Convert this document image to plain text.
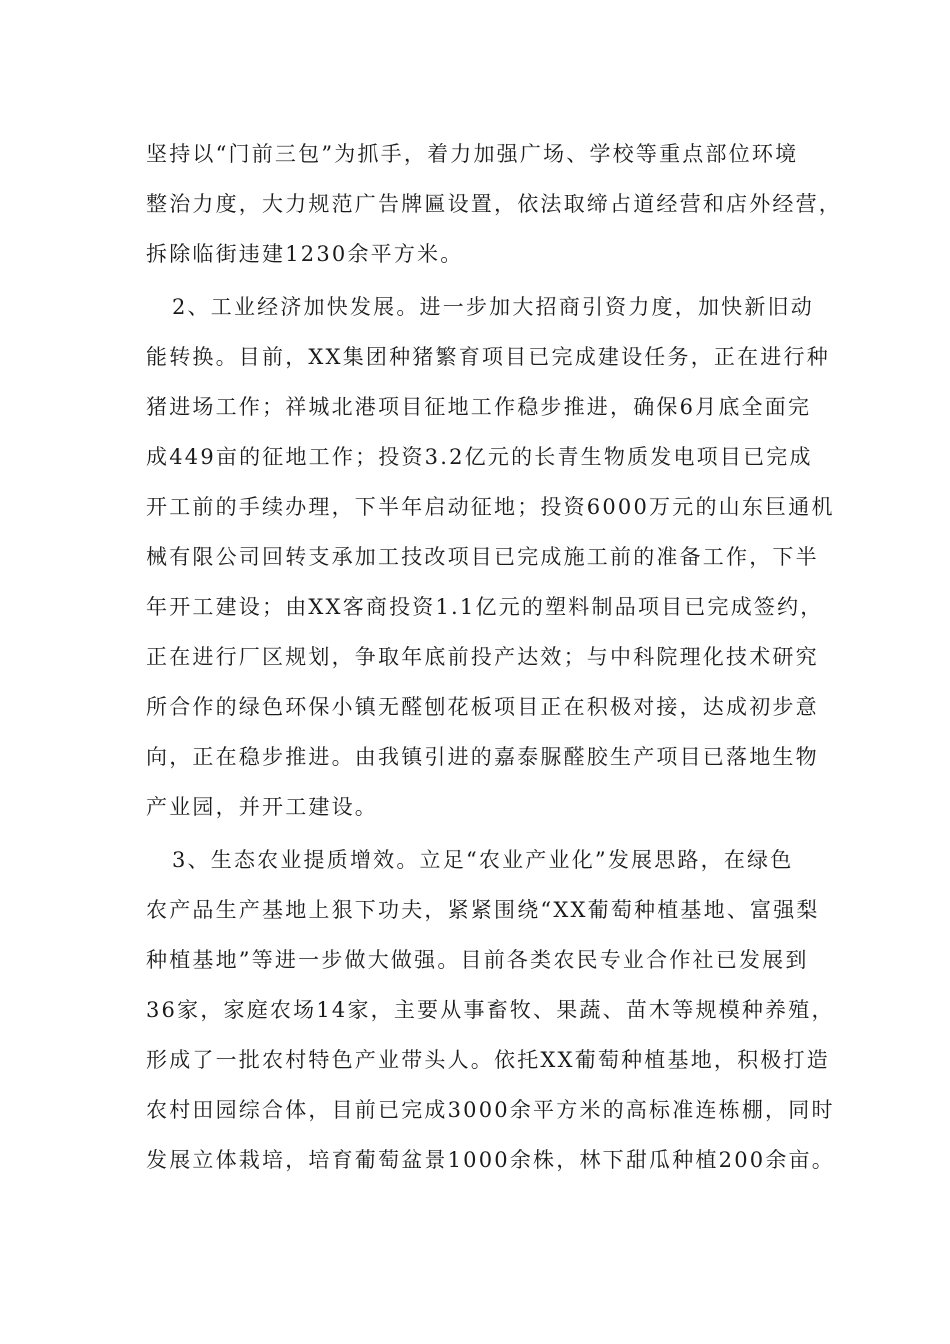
坚持以“门前三包”为抓手，着力加强广场、学校等重点部位环境
整治力度，大力规范广告牌匾设置，依法取缔占道经营和店外经营，
拆除临街违建1230余平方米。
2、工业经济加快发展。进一步加大招商引资力度，加快新旧动
能转换。目前，XX集团种猪繁育项目已完成建设任务，正在进行种
猪进场工作；祥城北港项目征地工作稳步推进，确保6月底全面完
成449亩的征地工作；投资3.2亿元的长青生物质发电项目已完成
开工前的手续办理，下半年启动征地；投资6000万元的山东巨通机
械有限公司回转支承加工技改项目已完成施工前的准备工作，下半
年开工建设；由XX客商投资1.1亿元的塑料制品项目已完成签约，
正在进行厂区规划，争取年底前投产达效；与中科院理化技术研究
所合作的绿色环保小镇无醛刨花板项目正在积极对接，达成初步意
向，正在稳步推进。由我镇引进的嘉泰脲醛胶生产项目已落地生物
产业园，并开工建设。
3、生态农业提质增效。立足“农业产业化”发展思路，在绿色
农产品生产基地上狠下功夫，紧紧围绕“XX葡萄种植基地、富强梨
种植基地”等进一步做大做强。目前各类农民专业合作社已发展到
36家，家庭农场14家，主要从事畜牧、果蔬、苗木等规模种养殖，
形成了一批农村特色产业带头人。依托XX葡萄种植基地，积极打造
农村田园综合体，目前已完成3000余平方米的高标准连栋棚，同时
发展立体栽培，培育葡萄盆景1000余株，林下甜瓜种植200余亩。
